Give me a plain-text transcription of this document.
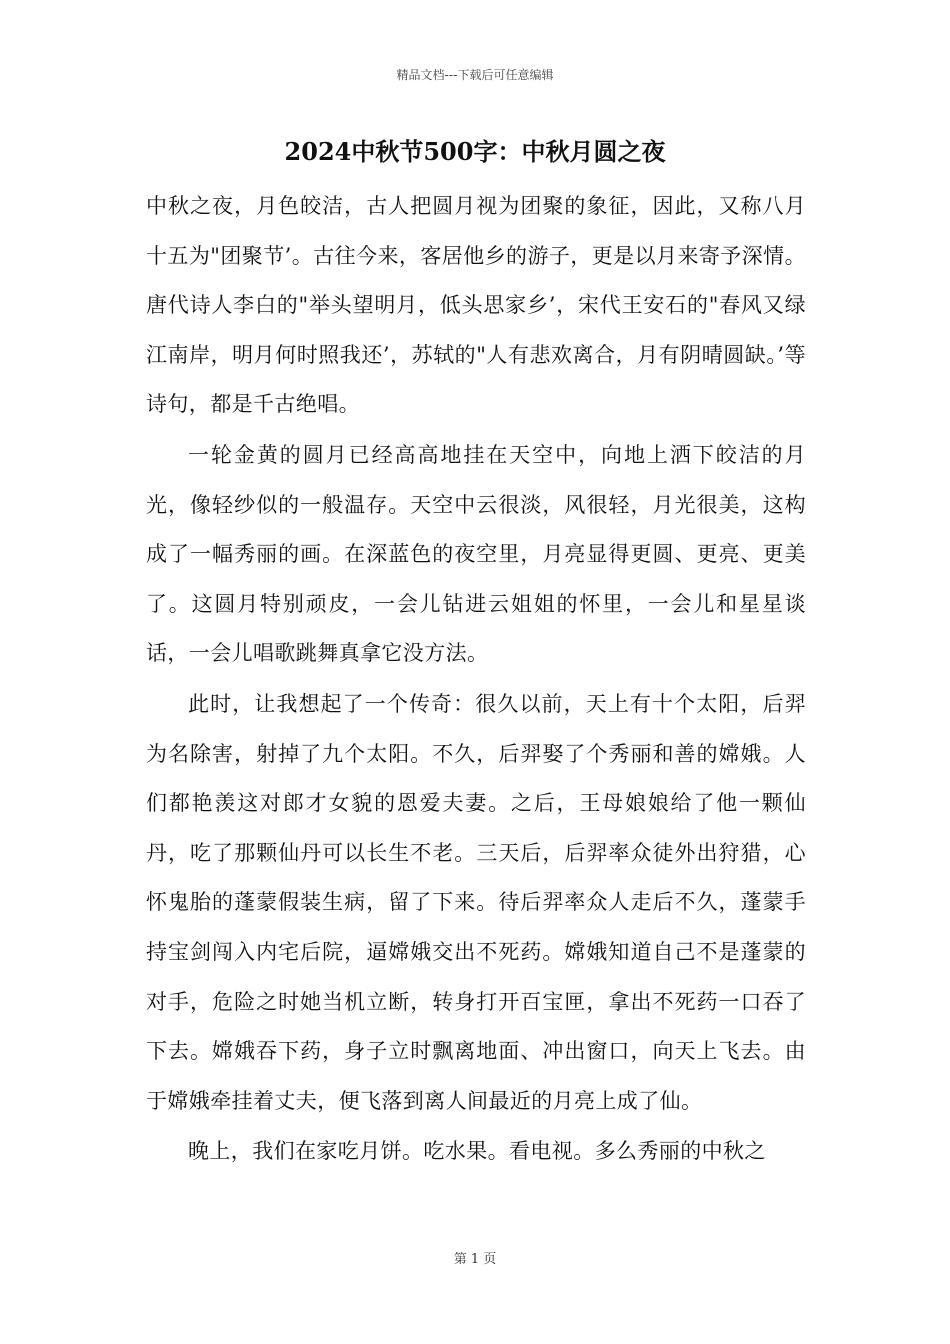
精品文档---下载后可任意编辑
2024中秋节500字：中秋月圆之夜

中秋之夜，月色皎洁，古人把圆月视为团聚的象征，因此，又称八月十五为"团聚节’。古往今来，客居他乡的游子，更是以月来寄予深情。唐代诗人李白的"举头望明月，低头思家乡’，宋代王安石的"春风又绿江南岸，明月何时照我还’，苏轼的"人有悲欢离合，月有阴晴圆缺。’等诗句，都是千古绝唱。

一轮金黄的圆月已经高高地挂在天空中，向地上洒下皎洁的月光，像轻纱似的一般温存。天空中云很淡，风很轻，月光很美，这构成了一幅秀丽的画。在深蓝色的夜空里，月亮显得更圆、更亮、更美了。这圆月特别顽皮，一会儿钻进云姐姐的怀里，一会儿和星星谈话，一会儿唱歌跳舞真拿它没方法。

此时，让我想起了一个传奇：很久以前，天上有十个太阳，后羿为名除害，射掉了九个太阳。不久，后羿娶了个秀丽和善的嫦娥。人们都艳羡这对郎才女貌的恩爱夫妻。之后，王母娘娘给了他一颗仙丹，吃了那颗仙丹可以长生不老。三天后，后羿率众徒外出狩猎，心怀鬼胎的蓬蒙假装生病，留了下来。待后羿率众人走后不久，蓬蒙手持宝剑闯入内宅后院，逼嫦娥交出不死药。嫦娥知道自己不是蓬蒙的对手，危险之时她当机立断，转身打开百宝匣，拿出不死药一口吞了下去。嫦娥吞下药，身子立时飘离地面、冲出窗口，向天上飞去。由于嫦娥牵挂着丈夫，便飞落到离人间最近的月亮上成了仙。

晚上，我们在家吃月饼。吃水果。看电视。多么秀丽的中秋之

第 1 页
